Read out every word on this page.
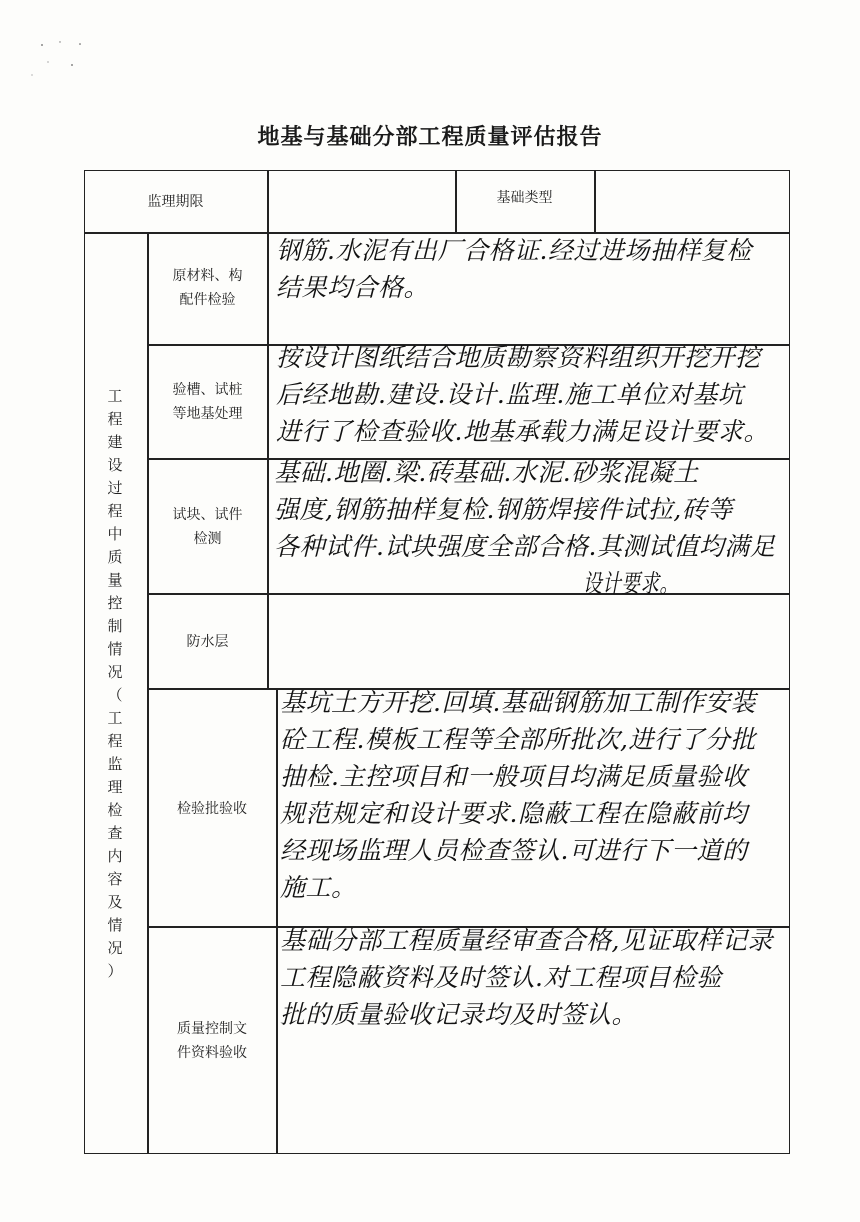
地基与基础分部工程质量评估报告
监理期限	基础类型
工
程
建
设
过
程
中
质
量
控
制
情
况
（
工
程
监
理
检
查
内
容
及
情
况
）
原材料、构
配件检验
钢筋.水泥有出厂合格证.经过进场抽样复检
结果均合格。
验槽、试桩
等地基处理
按设计图纸结合地质勘察资料组织开挖开挖
后经地勘.建设.设计.监理.施工单位对基坑
进行了检查验收.地基承载力满足设计要求。
试块、试件
检测
基础.地圈.梁.砖基础.水泥.砂浆混凝土
强度,钢筋抽样复检.钢筋焊接件试拉,砖等
各种试件.试块强度全部合格.其测试值均满足
设计要求。
防水层
检验批验收
基坑土方开挖.回填.基础钢筋加工制作安装
砼工程.模板工程等全部所批次,进行了分批
抽检.主控项目和一般项目均满足质量验收
规范规定和设计要求.隐蔽工程在隐蔽前均
经现场监理人员检查签认.可进行下一道的
施工。
质量控制文
件资料验收
基础分部工程质量经审查合格,见证取样记录
工程隐蔽资料及时签认.对工程项目检验
批的质量验收记录均及时签认。
